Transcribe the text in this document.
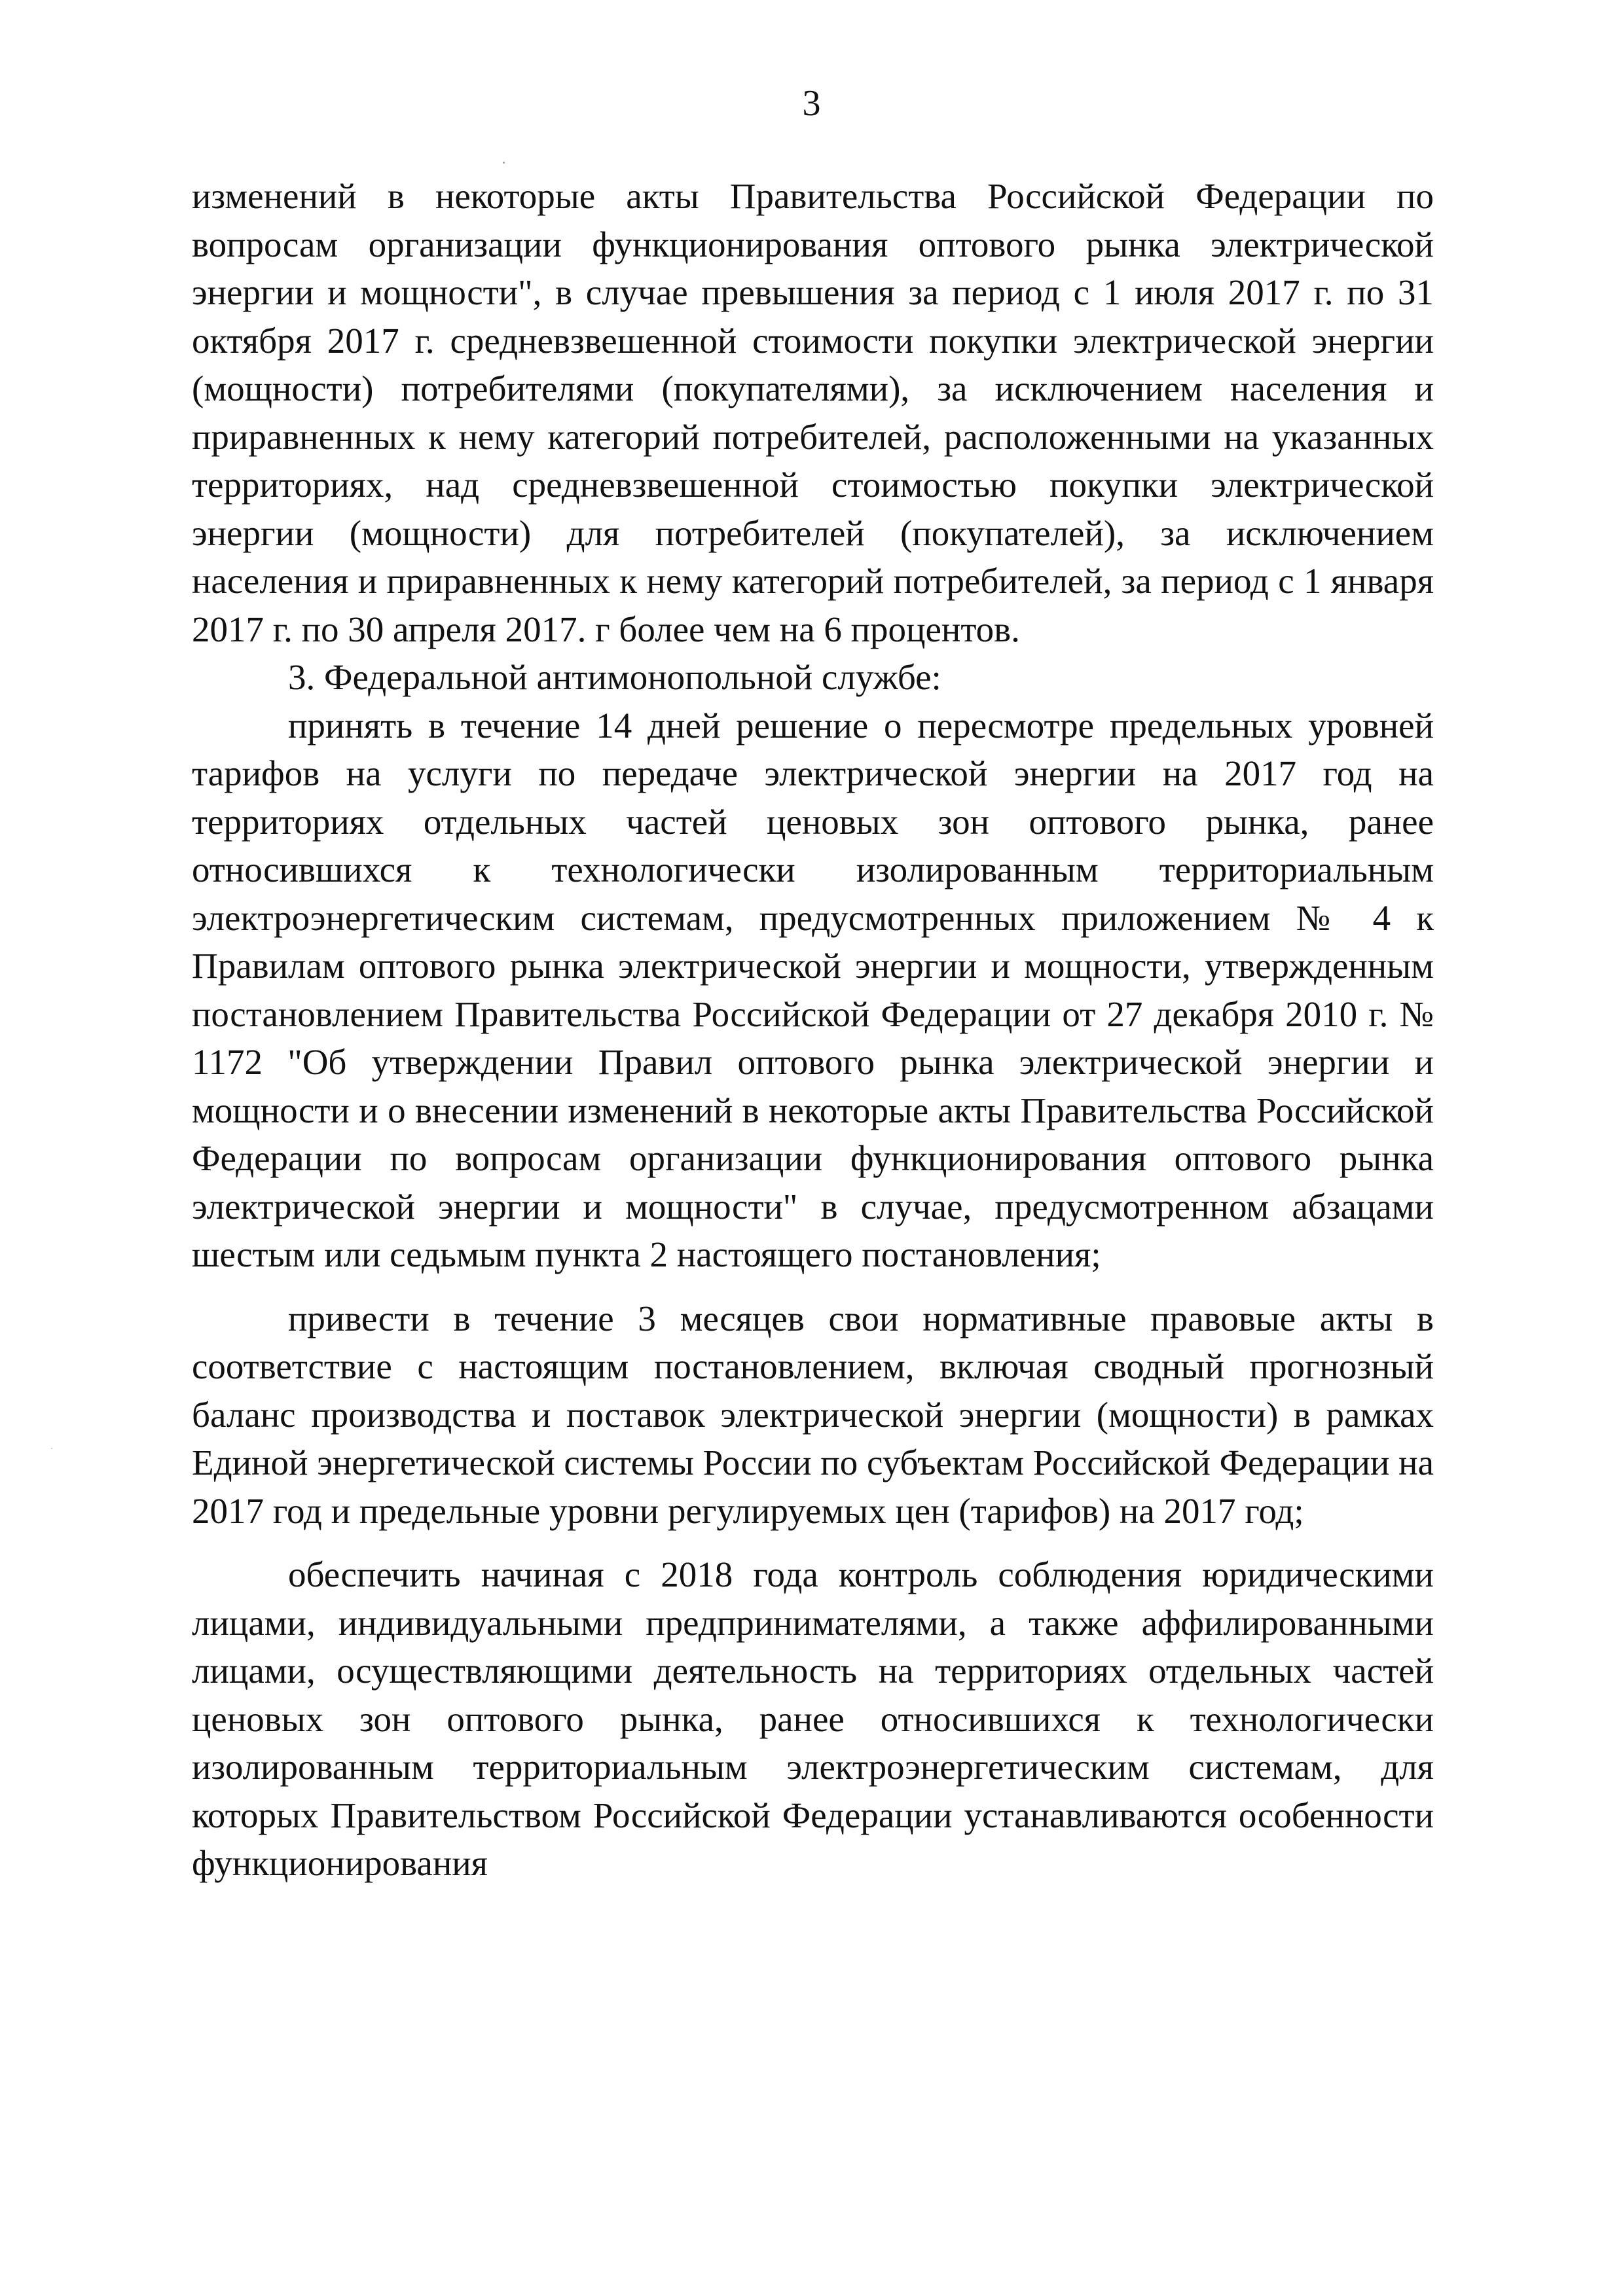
3

изменений в некоторые акты Правительства Российской Федерации по вопросам организации функционирования оптового рынка электрической энергии и мощности", в случае превышения за период с 1 июля 2017 г. по 31 октября 2017 г. средневзвешенной стоимости покупки электрической энергии (мощности) потребителями (покупателями), за исключением населения и приравненных к нему категорий потребителей, расположенными на указанных территориях, над средневзвешенной стоимостью покупки электрической энергии (мощности) для потребителей (покупателей), за исключением населения и приравненных к нему категорий потребителей, за период с 1 января 2017 г. по 30 апреля 2017. г более чем на 6 процентов.

3. Федеральной антимонопольной службе:

принять в течение 14 дней решение о пересмотре предельных уровней тарифов на услуги по передаче электрической энергии на 2017 год на территориях отдельных частей ценовых зон оптового рынка, ранее относившихся к технологически изолированным территориальным электроэнергетическим системам, предусмотренных приложением № 4 к Правилам оптового рынка электрической энергии и мощности, утвержденным постановлением Правительства Российской Федерации от 27 декабря 2010 г. № 1172 "Об утверждении Правил оптового рынка электрической энергии и мощности и о внесении изменений в некоторые акты Правительства Российской Федерации по вопросам организации функционирования оптового рынка электрической энергии и мощности" в случае, предусмотренном абзацами шестым или седьмым пункта 2 настоящего постановления;

привести в течение 3 месяцев свои нормативные правовые акты в соответствие с настоящим постановлением, включая сводный прогнозный баланс производства и поставок электрической энергии (мощности) в рамках Единой энергетической системы России по субъектам Российской Федерации на 2017 год и предельные уровни регулируемых цен (тарифов) на 2017 год;

обеспечить начиная с 2018 года контроль соблюдения юридическими лицами, индивидуальными предпринимателями, а также аффилированными лицами, осуществляющими деятельность на территориях отдельных частей ценовых зон оптового рынка, ранее относившихся к технологически изолированным территориальным электроэнергетическим системам, для которых Правительством Российской Федерации устанавливаются особенности функционирования
